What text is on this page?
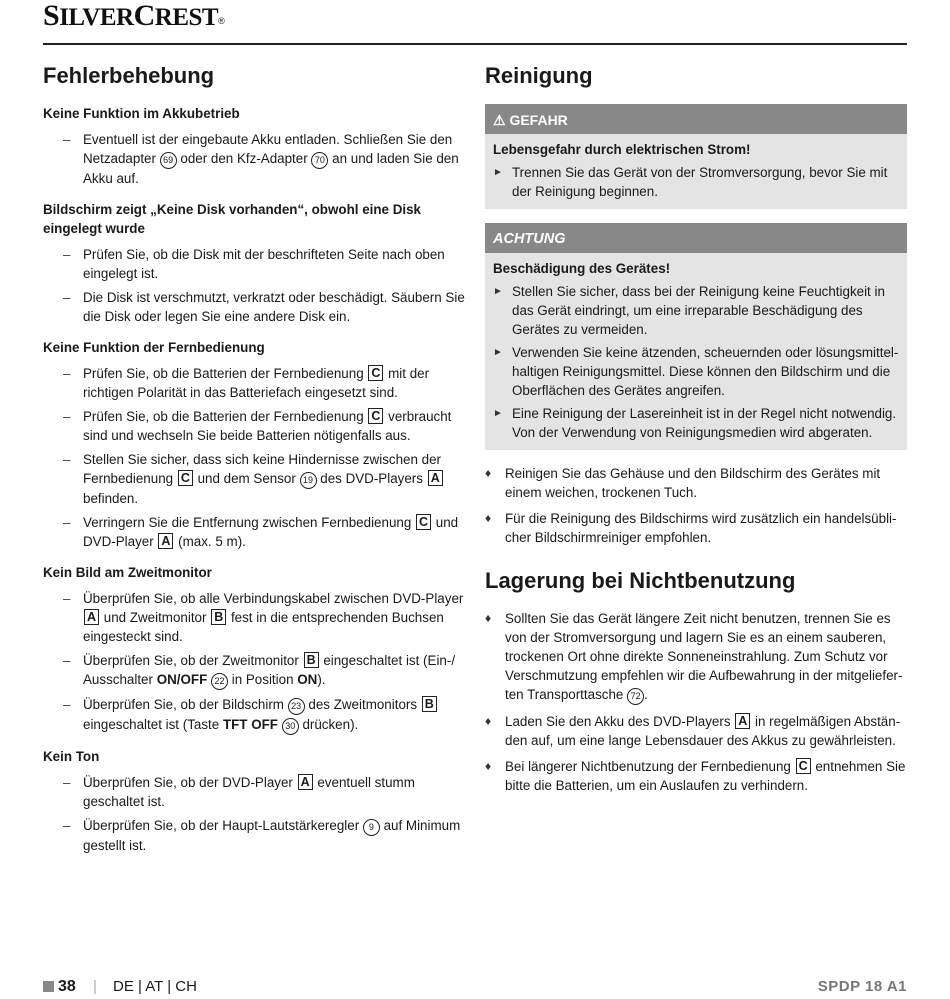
SILVERCREST®
Fehlerbehebung
Keine Funktion im Akkubetrieb
– Eventuell ist der eingebaute Akku entladen. Schließen Sie den Netzadapter 69 oder den Kfz-Adapter 70 an und laden Sie den Akku auf.
Bildschirm zeigt „Keine Disk vorhanden“, obwohl eine Disk eingelegt wurde
– Prüfen Sie, ob die Disk mit der beschrifteten Seite nach oben eingelegt ist.
– Die Disk ist verschmutzt, verkratzt oder beschädigt. Säubern Sie die Disk oder legen Sie eine andere Disk ein.
Keine Funktion der Fernbedienung
– Prüfen Sie, ob die Batterien der Fernbedienung C mit der richtigen Polarität in das Batteriefach eingesetzt sind.
– Prüfen Sie, ob die Batterien der Fernbedienung C verbraucht sind und wechseln Sie beide Batterien nötigenfalls aus.
– Stellen Sie sicher, dass sich keine Hindernisse zwischen der Fernbedienung C und dem Sensor 19 des DVD-Players A befinden.
– Verringern Sie die Entfernung zwischen Fernbedienung C und DVD-Player A (max. 5 m).
Kein Bild am Zweitmonitor
– Überprüfen Sie, ob alle Verbindungskabel zwischen DVD-Player A und Zweitmonitor B fest in die entsprechenden Buchsen eingesteckt sind.
– Überprüfen Sie, ob der Zweitmonitor B eingeschaltet ist (Ein-/ Ausschalter ON/OFF 22 in Position ON).
– Überprüfen Sie, ob der Bildschirm 23 des Zweitmonitors B eingeschaltet ist (Taste TFT OFF 30 drücken).
Kein Ton
– Überprüfen Sie, ob der DVD-Player A eventuell stumm geschaltet ist.
– Überprüfen Sie, ob der Haupt-Lautstärkeregler 9 auf Minimum gestellt ist.
Reinigung
⚠ GEFAHR
Lebensgefahr durch elektrischen Strom!
► Trennen Sie das Gerät von der Stromversorgung, bevor Sie mit der Reinigung beginnen.
ACHTUNG
Beschädigung des Gerätes!
► Stellen Sie sicher, dass bei der Reinigung keine Feuchtigkeit in das Gerät eindringt, um eine irreparable Beschädigung des Gerätes zu vermeiden.
► Verwenden Sie keine ätzenden, scheuernden oder lösungsmittel-haltigen Reinigungsmittel. Diese können den Bildschirm und die Oberflächen des Gerätes angreifen.
► Eine Reinigung der Lasereinheit ist in der Regel nicht notwendig. Von der Verwendung von Reinigungsmedien wird abgeraten.
♦ Reinigen Sie das Gehäuse und den Bildschirm des Gerätes mit einem weichen, trockenen Tuch.
♦ Für die Reinigung des Bildschirms wird zusätzlich ein handelsübli-cher Bildschirmreiniger empfohlen.
Lagerung bei Nichtbenutzung
♦ Sollten Sie das Gerät längere Zeit nicht benutzen, trennen Sie es von der Stromversorgung und lagern Sie es an einem sauberen, trockenen Ort ohne direkte Sonneneinstrahlung. Zum Schutz vor Verschmutzung empfehlen wir die Aufbewahrung in der mitgeliefer-ten Transporttasche 72 .
♦ Laden Sie den Akku des DVD-Players A in regelmäßigen Abstän-den auf, um eine lange Lebensdauer des Akkus zu gewährleisten.
♦ Bei längerer Nichtbenutzung der Fernbedienung C entnehmen Sie bitte die Batterien, um ein Auslaufen zu verhindern.
38 | DE | AT | CH	SPDP 18 A1
